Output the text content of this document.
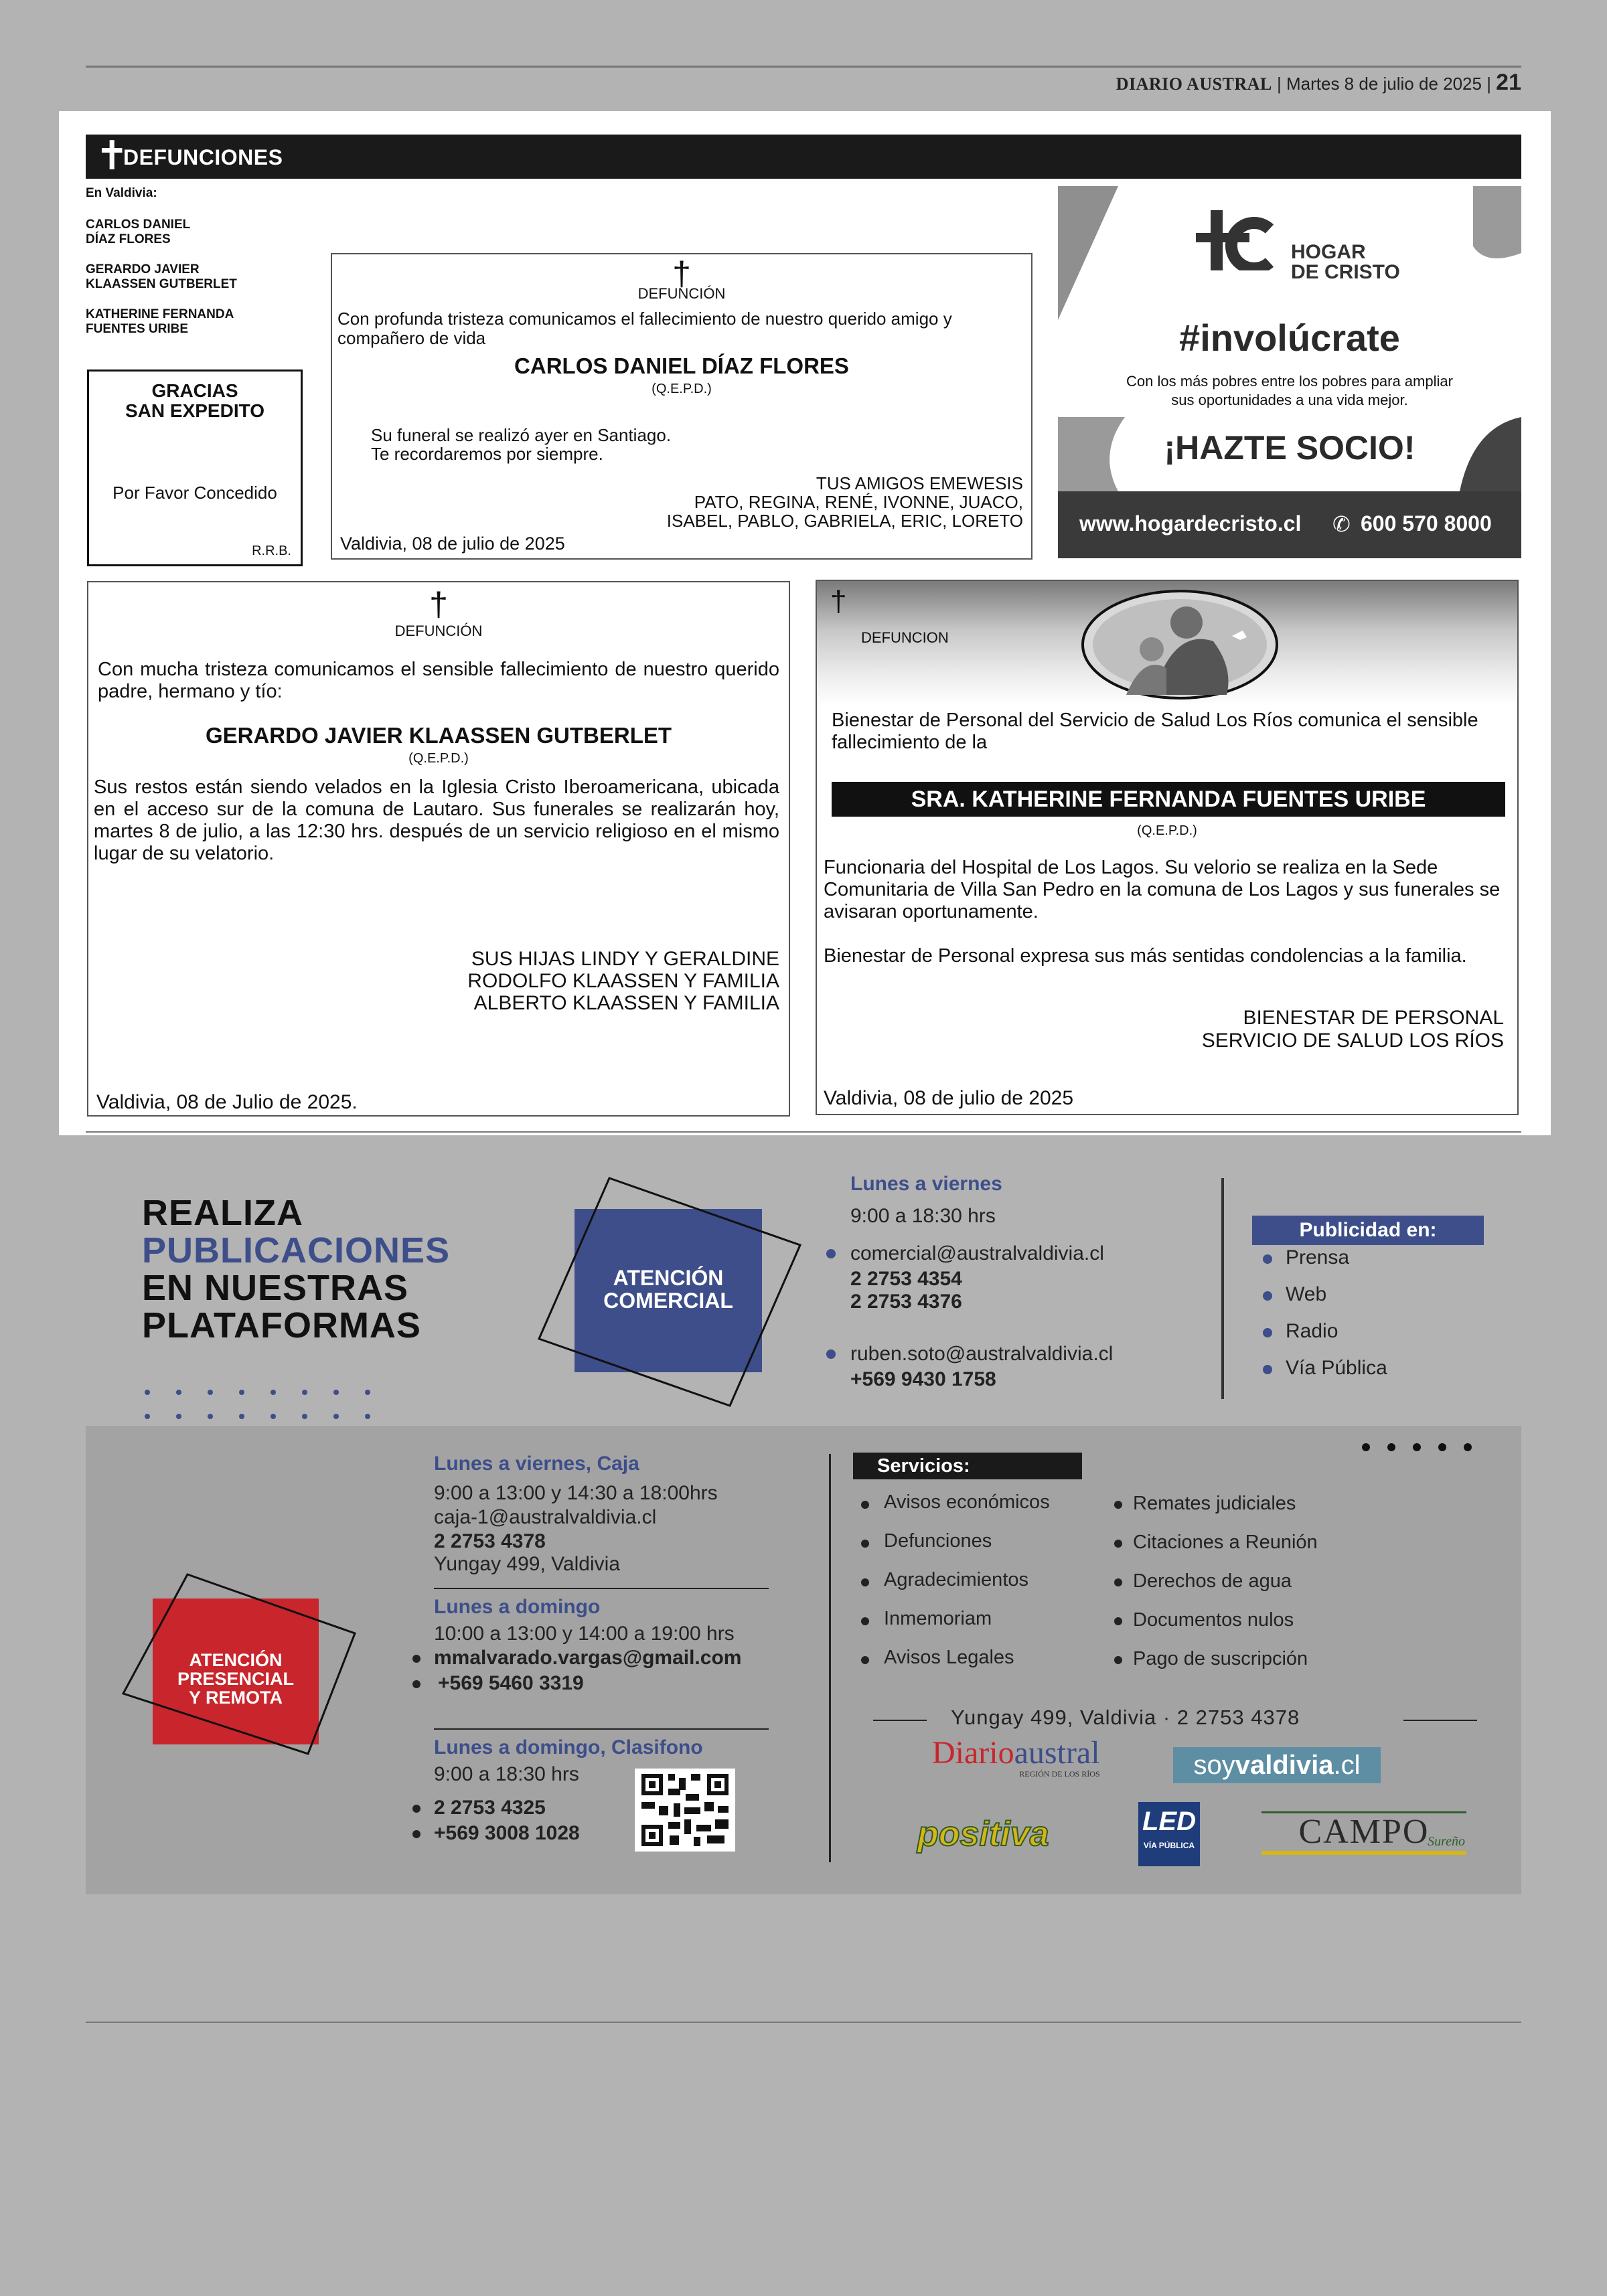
DIARIO AUSTRAL | Martes 8 de julio de 2025 | 21
✝
DEFUNCIONES
En Valdivia:
CARLOS DANIEL
DÍAZ FLORES
GERARDO JAVIER
KLAASSEN GUTBERLET
KATHERINE FERNANDA
FUENTES URIBE
GRACIAS
SAN EXPEDITO
Por Favor Concedido
R.R.B.
†
DEFUNCIÓN
Con profunda tristeza comunicamos el fallecimiento de nuestro querido amigo y compañero de vida
CARLOS DANIEL DÍAZ FLORES
(Q.E.P.D.)
Su funeral se realizó ayer en Santiago.
Te recordaremos por siempre.
TUS AMIGOS EMEWESIS
PATO, REGINA, RENÉ, IVONNE, JUACO,
ISABEL, PABLO, GABRIELA, ERIC, LORETO
Valdivia, 08 de julio de 2025
HOGAR
DE CRISTO
#involúcrate
Con los más pobres entre los pobres para ampliar
sus oportunidades a una vida mejor.
¡HAZTE SOCIO!
www.hogardecristo.cl ✆ 600 570 8000
†
DEFUNCIÓN
Con mucha tristeza comunicamos el sensible fallecimiento de nuestro querido padre, hermano y tío:
GERARDO JAVIER KLAASSEN GUTBERLET
(Q.E.P.D.)
Sus restos están siendo velados en la Iglesia Cristo Iberoamericana, ubicada en el acceso sur de la comuna de Lautaro. Sus funerales se realizarán hoy, martes 8 de julio, a las 12:30 hrs. después de un servicio religioso en el mismo lugar de su velatorio.
SUS HIJAS LINDY Y GERALDINE
RODOLFO KLAASSEN Y FAMILIA
ALBERTO KLAASSEN Y FAMILIA
Valdivia, 08 de Julio de 2025.
†
DEFUNCION
Bienestar de Personal del Servicio de Salud Los Ríos comunica el sensible fallecimiento de la
SRA. KATHERINE FERNANDA FUENTES URIBE
(Q.E.P.D.)
Funcionaria del Hospital de Los Lagos. Su velorio se realiza en la Sede Comunitaria de Villa San Pedro en la comuna de Los Lagos y sus funerales se avisaran oportunamente.
Bienestar de Personal expresa sus más sentidas condolencias a la familia.
BIENESTAR DE PERSONAL
SERVICIO DE SALUD LOS RÍOS
Valdivia, 08 de julio de 2025
REALIZA
PUBLICACIONES
EN NUESTRAS
PLATAFORMAS
ATENCIÓN
COMERCIAL
Lunes a viernes
9:00 a 18:30 hrs
comercial@australvaldivia.cl
2 2753 4354
2 2753 4376
ruben.soto@australvaldivia.cl
+569 9430 1758
Publicidad en:
Prensa
Web
Radio
Vía Pública
ATENCIÓN
PRESENCIAL
Y REMOTA
Lunes a viernes, Caja
9:00 a 13:00 y 14:30 a 18:00hrs
caja-1@australvaldivia.cl
2 2753 4378
Yungay 499, Valdivia
Lunes a domingo
10:00 a 13:00 y 14:00 a 19:00 hrs
mmalvarado.vargas@gmail.com
+569 5460 3319
Lunes a domingo, Clasifono
9:00 a 18:30 hrs
2 2753 4325
+569 3008 1028
Servicios:
Avisos económicos
Defunciones
Agradecimientos
Inmemoriam
Avisos Legales
Remates judiciales
Citaciones a Reunión
Derechos de agua
Documentos nulos
Pago de suscripción
Yungay 499, Valdivia · 2 2753 4378
Diarioaustral
REGIÓN DE LOS RÍOS	soyvaldivia.cl
positiva	LED
VÍA PÚBLICA	CAMPO
Sureño
